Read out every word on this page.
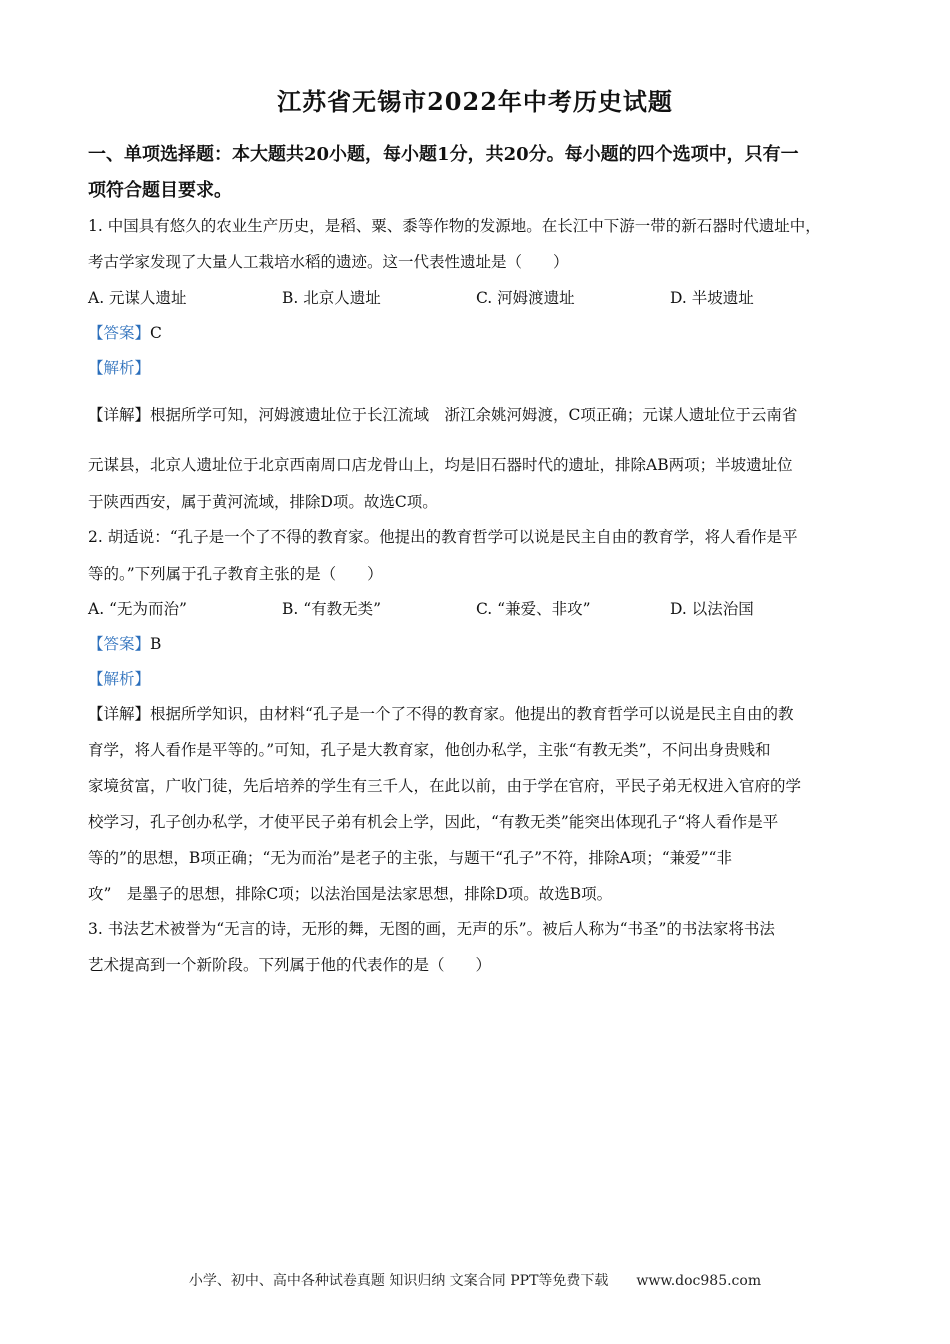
江苏省无锡市2022年中考历史试题
一、单项选择题：本大题共20小题，每小题1分，共20分。每小题的四个选项中，只有一
项符合题目要求。
1. 中国具有悠久的农业生产历史，是稻、粟、黍等作物的发源地。在长江中下游一带的新石器时代遗址中，
考古学家发现了大量人工栽培水稻的遗迹。这一代表性遗址是（　　）
A. 元谋人遗址	B. 北京人遗址	C. 河姆渡遗址	D. 半坡遗址
【答案】C
【解析】
【详解】根据所学可知，河姆渡遗址位于长江流域　浙江余姚河姆渡，C项正确；元谋人遗址位于云南省
元谋县，北京人遗址位于北京西南周口店龙骨山上，均是旧石器时代的遗址，排除AB两项；半坡遗址位
于陕西西安，属于黄河流域，排除D项。故选C项。
2. 胡适说：“孔子是一个了不得的教育家。他提出的教育哲学可以说是民主自由的教育学，将人看作是平
等的。”下列属于孔子教育主张的是（　　）
A. “无为而治”	B. “有教无类”	C. “兼爱、非攻”	D. 以法治国
【答案】B
【解析】
【详解】根据所学知识，由材料“孔子是一个了不得的教育家。他提出的教育哲学可以说是民主自由的教
育学，将人看作是平等的。”可知，孔子是大教育家，他创办私学，主张“有教无类”，不问出身贵贱和
家境贫富，广收门徒，先后培养的学生有三千人，在此以前，由于学在官府，平民子弟无权进入官府的学
校学习，孔子创办私学，才使平民子弟有机会上学，因此，“有教无类”能突出体现孔子“将人看作是平
等的”的思想，B项正确；“无为而治”是老子的主张，与题干“孔子”不符，排除A项；“兼爱”“非
攻”　是墨子的思想，排除C项；以法治国是法家思想，排除D项。故选B项。
3. 书法艺术被誉为“无言的诗，无形的舞，无图的画，无声的乐”。被后人称为“书圣”的书法家将书法
艺术提高到一个新阶段。下列属于他的代表作的是（　　）
小学、初中、高中各种试卷真题 知识归纳 文案合同 PPT等免费下载　　www.doc985.com
